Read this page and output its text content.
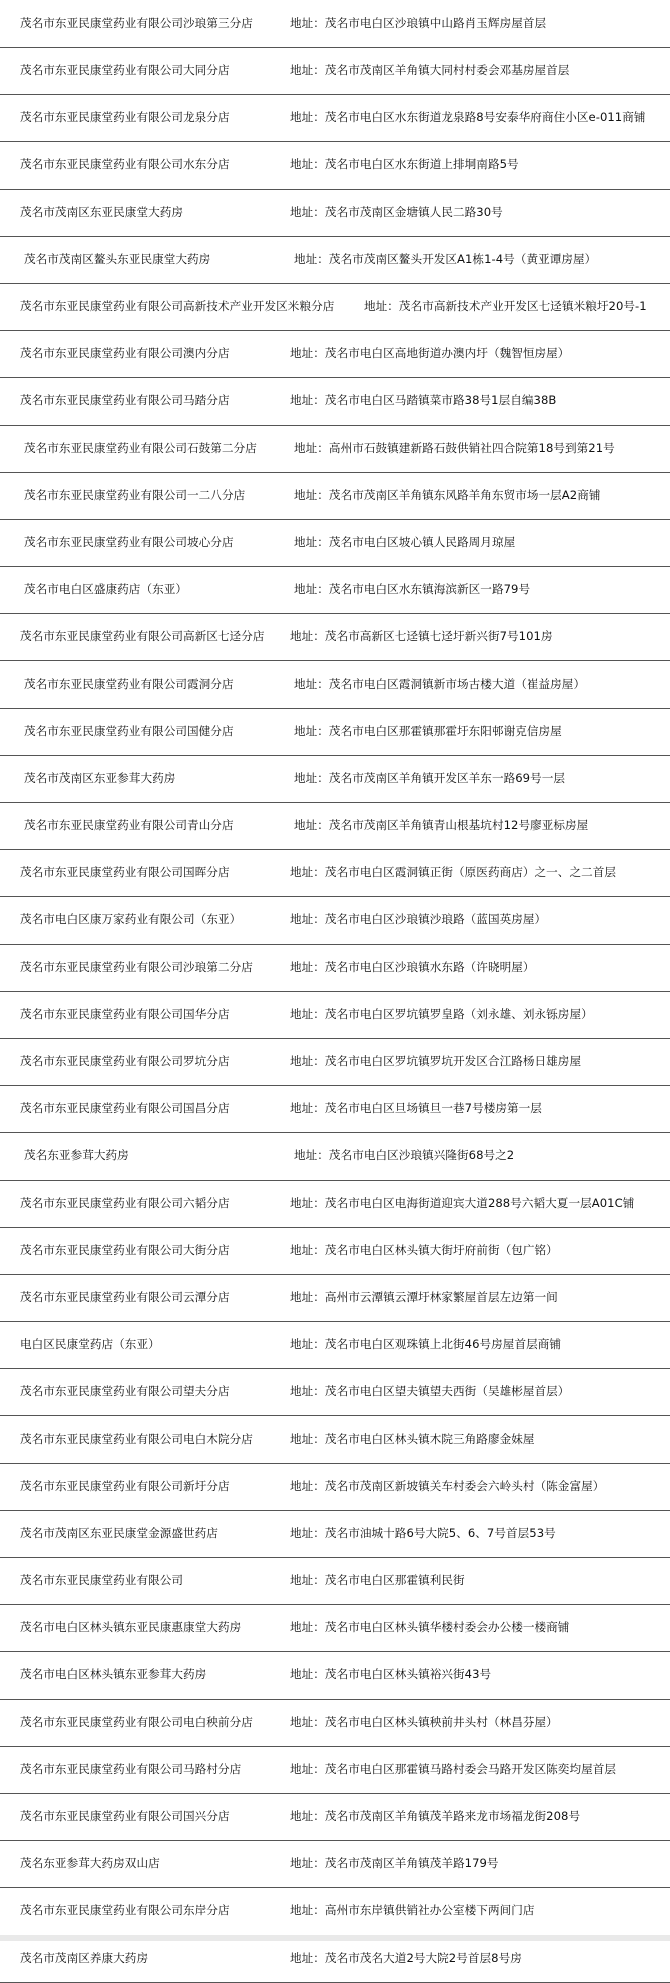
茂名市东亚民康堂药业有限公司沙琅第三分店	地址：茂名市电白区沙琅镇中山路肖玉辉房屋首层
茂名市东亚民康堂药业有限公司大同分店	地址：茂名市茂南区羊角镇大同村村委会邓基房屋首层
茂名市东亚民康堂药业有限公司龙泉分店	地址：茂名市电白区水东街道龙泉路8号安泰华府商住小区e-011商铺
茂名市东亚民康堂药业有限公司水东分店	地址：茂名市电白区水东街道上排垌南路5号
茂名市茂南区东亚民康堂大药房	地址：茂名市茂南区金塘镇人民二路30号
茂名市茂南区鳌头东亚民康堂大药房	地址：茂名市茂南区鳌头开发区A1栋1-4号（黄亚谭房屋）
茂名市东亚民康堂药业有限公司高新技术产业开发区米粮分店	地址：茂名市高新技术产业开发区七迳镇米粮圩20号-1
茂名市东亚民康堂药业有限公司澳内分店	地址：茂名市电白区高地街道办澳内圩（魏智恒房屋）
茂名市东亚民康堂药业有限公司马踏分店	地址：茂名市电白区马踏镇菜市路38号1层自编38B
茂名市东亚民康堂药业有限公司石鼓第二分店	地址：高州市石鼓镇建新路石鼓供销社四合院第18号到第21号
茂名市东亚民康堂药业有限公司一二八分店	地址：茂名市茂南区羊角镇东风路羊角东贸市场一层A2商铺
茂名市东亚民康堂药业有限公司坡心分店	地址：茂名市电白区坡心镇人民路周月琼屋
茂名市电白区盛康药店（东亚）	地址：茂名市电白区水东镇海滨新区一路79号
茂名市东亚民康堂药业有限公司高新区七迳分店 地址：茂名市高新区七迳镇七迳圩新兴街7号101房
茂名市东亚民康堂药业有限公司霞洞分店	地址：茂名市电白区霞洞镇新市场古楼大道（崔益房屋）
茂名市东亚民康堂药业有限公司国健分店	地址：茂名市电白区那霍镇那霍圩东阳邨谢克信房屋
茂名市茂南区东亚参茸大药房	地址：茂名市茂南区羊角镇开发区羊东一路69号一层
茂名市东亚民康堂药业有限公司青山分店	地址：茂名市茂南区羊角镇青山根基坑村12号廖亚标房屋
茂名市东亚民康堂药业有限公司国晖分店	地址：茂名市电白区霞洞镇正街（原医药商店）之一、之二首层
茂名市电白区康万家药业有限公司（东亚）	地址：茂名市电白区沙琅镇沙琅路（蓝国英房屋）
茂名市东亚民康堂药业有限公司沙琅第二分店	地址：茂名市电白区沙琅镇水东路（许晓明屋）
茂名市东亚民康堂药业有限公司国华分店	地址：茂名市电白区罗坑镇罗皇路（刘永雄、刘永铄房屋）
茂名市东亚民康堂药业有限公司罗坑分店	地址：茂名市电白区罗坑镇罗坑开发区合江路杨日雄房屋
茂名市东亚民康堂药业有限公司国昌分店	地址：茂名市电白区旦场镇旦一巷7号楼房第一层
茂名东亚参茸大药房	地址：茂名市电白区沙琅镇兴隆街68号之2
茂名市东亚民康堂药业有限公司六韬分店	地址：茂名市电白区电海街道迎宾大道288号六韬大夏一层A01C铺
茂名市东亚民康堂药业有限公司大街分店	地址：茂名市电白区林头镇大街圩府前街（包广铭）
茂名市东亚民康堂药业有限公司云潭分店	地址：高州市云潭镇云潭圩林家繁屋首层左边第一间
电白区民康堂药店（东亚）	地址：茂名市电白区观珠镇上北街46号房屋首层商铺
茂名市东亚民康堂药业有限公司望夫分店	地址：茂名市电白区望夫镇望夫西街（吴雄彬屋首层）
茂名市东亚民康堂药业有限公司电白木院分店	地址：茂名市电白区林头镇木院三角路廖金妹屋
茂名市东亚民康堂药业有限公司新圩分店	地址：茂名市茂南区新坡镇关车村委会六岭头村（陈金富屋）
茂名市茂南区东亚民康堂金源盛世药店	地址：茂名市油城十路6号大院5、6、7号首层53号
茂名市东亚民康堂药业有限公司	地址：茂名市电白区那霍镇利民街
茂名市电白区林头镇东亚民康惠康堂大药房	地址：茂名市电白区林头镇华楼村委会办公楼一楼商铺
茂名市电白区林头镇东亚参茸大药房	地址：茂名市电白区林头镇裕兴街43号
茂名市东亚民康堂药业有限公司电白秧前分店	地址：茂名市电白区林头镇秧前井头村（林昌芬屋）
茂名市东亚民康堂药业有限公司马路村分店	地址：茂名市电白区那霍镇马路村委会马路开发区陈奕均屋首层
茂名市东亚民康堂药业有限公司国兴分店	地址：茂名市茂南区羊角镇茂羊路来龙市场福龙街208号
茂名东亚参茸大药房双山店	地址：茂名市茂南区羊角镇茂羊路179号
茂名市东亚民康堂药业有限公司东岸分店	地址：高州市东岸镇供销社办公室楼下两间门店
茂名市茂南区养康大药房	地址：茂名市茂名大道2号大院2号首层8号房
